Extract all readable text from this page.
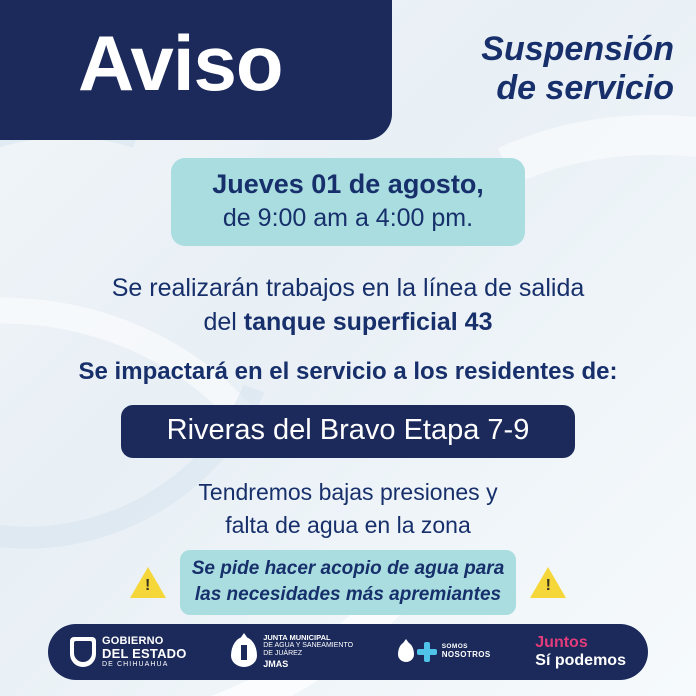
Aviso	Suspensión
de servicio
Jueves 01 de agosto,
de 9:00 am a 4:00 pm.
Se realizarán trabajos en la línea de salida
del tanque superficial 43
Se impactará en el servicio a los residentes de:
Riveras del Bravo Etapa 7-9
Tendremos bajas presiones y
falta de agua en la zona
!
Se pide hacer acopio de agua para
las necesidades más apremiantes	!
GOBIERNO
DEL ESTADO
DE CHIHUAHUA
JUNTA MUNICIPAL
DE AGUA Y SANEAMIENTO
DE JUÁREZ
JMAS
SOMOS
NOSOTROS
Juntos
Sí podemos
